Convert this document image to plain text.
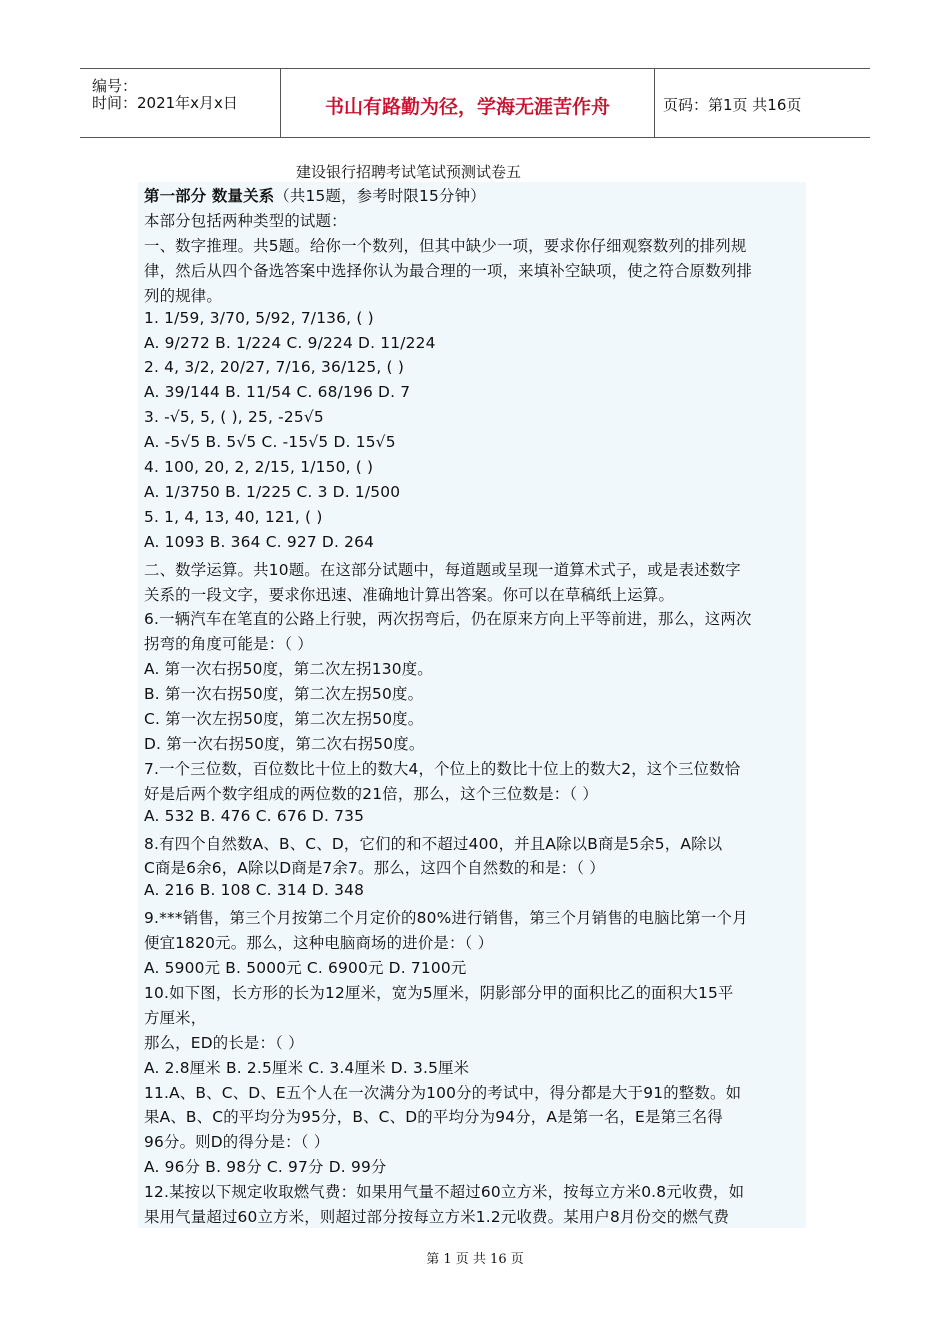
编号：
时间：2021年x月x日	书山有路勤为径，学海无涯苦作舟	页码：第1页 共16页
建设银行招聘考试笔试预测试卷五
第一部分 数量关系（共15题，参考时限15分钟）
本部分包括两种类型的试题：
一、数字推理。共5题。给你一个数列，但其中缺少一项，要求你仔细观察数列的排列规
律，然后从四个备选答案中选择你认为最合理的一项，来填补空缺项，使之符合原数列排
列的规律。
1. 1/59, 3/70, 5/92, 7/136, ( )
A. 9/272 B. 1/224 C. 9/224 D. 11/224
2. 4, 3/2, 20/27, 7/16, 36/125, ( )
A. 39/144 B. 11/54 C. 68/196 D. 7
3. -√5, 5, ( ), 25, -25√5
A. -5√5 B. 5√5 C. -15√5 D. 15√5
4. 100, 20, 2, 2/15, 1/150, ( )
A. 1/3750 B. 1/225 C. 3 D. 1/500
5. 1, 4, 13, 40, 121, ( )
A. 1093 B. 364 C. 927 D. 264
二、数学运算。共10题。在这部分试题中，每道题或呈现一道算术式子，或是表述数字
关系的一段文字，要求你迅速、准确地计算出答案。你可以在草稿纸上运算。
6.一辆汽车在笔直的公路上行驶，两次拐弯后，仍在原来方向上平等前进，那么，这两次
拐弯的角度可能是：（ ）
A. 第一次右拐50度，第二次左拐130度。
B. 第一次右拐50度，第二次左拐50度。
C. 第一次左拐50度，第二次左拐50度。
D. 第一次右拐50度，第二次右拐50度。
7.一个三位数，百位数比十位上的数大4，个位上的数比十位上的数大2，这个三位数恰
好是后两个数字组成的两位数的21倍，那么，这个三位数是：（ ）
A. 532 B. 476 C. 676 D. 735
8.有四个自然数A、B、C、D，它们的和不超过400，并且A除以B商是5余5，A除以
C商是6余6，A除以D商是7余7。那么，这四个自然数的和是：（ ）
A. 216 B. 108 C. 314 D. 348
9.***销售，第三个月按第二个月定价的80%进行销售，第三个月销售的电脑比第一个月
便宜1820元。那么，这种电脑商场的进价是：（ ）
A. 5900元 B. 5000元 C. 6900元 D. 7100元
10.如下图，长方形的长为12厘米，宽为5厘米，阴影部分甲的面积比乙的面积大15平
方厘米，
那么，ED的长是：（ ）
A. 2.8厘米 B. 2.5厘米 C. 3.4厘米 D. 3.5厘米
11.A、B、C、D、E五个人在一次满分为100分的考试中，得分都是大于91的整数。如
果A、B、C的平均分为95分，B、C、D的平均分为94分，A是第一名，E是第三名得
96分。则D的得分是：（ ）
A. 96分 B. 98分 C. 97分 D. 99分
12.某按以下规定收取燃气费：如果用气量不超过60立方米，按每立方米0.8元收费，如
果用气量超过60立方米，则超过部分按每立方米1.2元收费。某用户8月份交的燃气费
第 1 页 共 16 页
